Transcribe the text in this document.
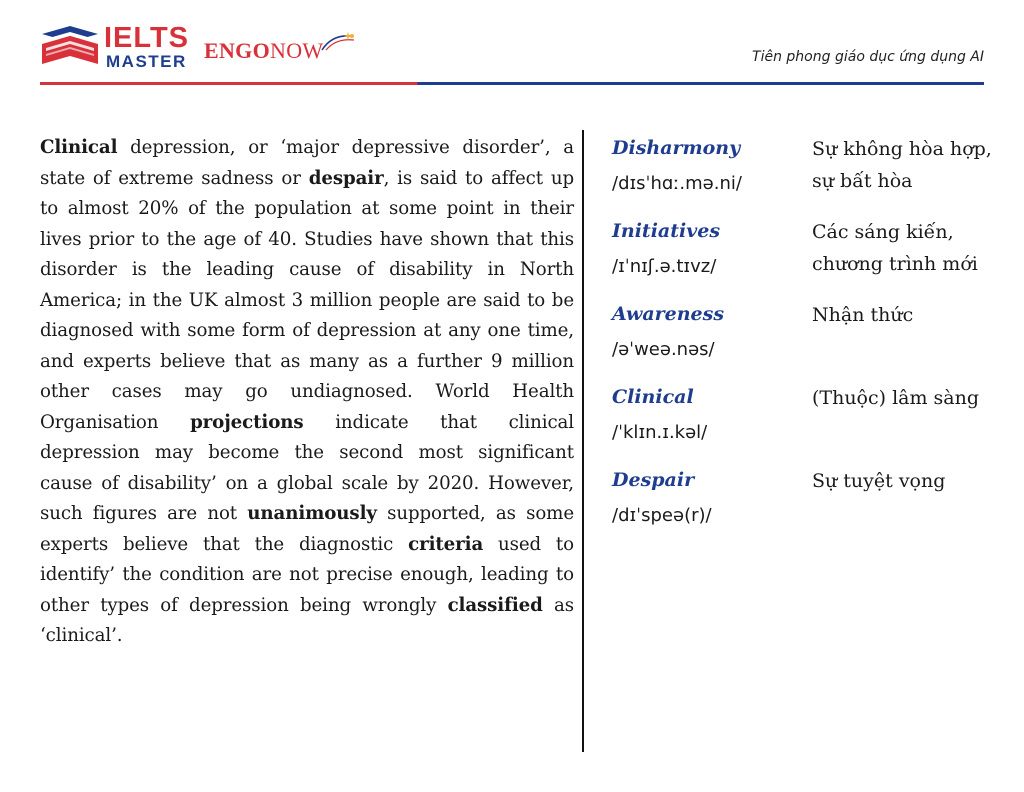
IELTS
MASTER ENGONOW	Tiên phong giáo dục ứng dụng AI
Clinical depression, or ‘major depressive disorder’, a state of extreme sadness or despair, is said to affect up to almost 20% of the population at some point in their lives prior to the age of 40. Studies have shown that this disorder is the leading cause of disability in North America; in the UK almost 3 million people are said to be diagnosed with some form of depression at any one time, and experts believe that as many as a further 9 million other cases may go undiagnosed. World Health Organisation projections indicate that clinical depression may become the second most significant cause of disability’ on a global scale by 2020. However, such figures are not unanimously supported, as some experts believe that the diagnostic criteria used to identify’ the condition are not precise enough, leading to other types of depression being wrongly classified as ‘clinical’.
Disharmony
/dɪsˈhɑː.mə.ni/
Sự không hòa hợp, sự bất hòa
Initiatives
/ɪˈnɪʃ.ə.tɪvz/
Các sáng kiến, chương trình mới
Awareness
/əˈweə.nəs/
Nhận thức
Clinical
/ˈklɪn.ɪ.kəl/
(Thuộc) lâm sàng
Despair
/dɪˈspeə(r)/
Sự tuyệt vọng
